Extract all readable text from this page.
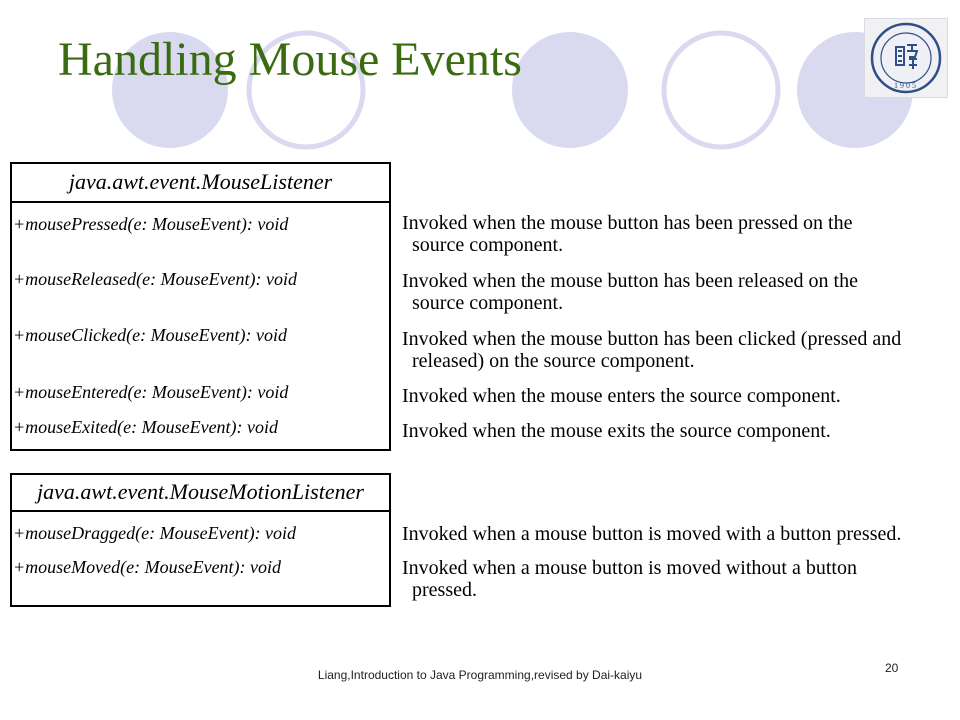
Handling Mouse Events	1905
java.awt.event.MouseListener
+mousePressed(e: MouseEvent): void
+mouseReleased(e: MouseEvent): void
+mouseClicked(e: MouseEvent): void
+mouseEntered(e: MouseEvent): void
+mouseExited(e: MouseEvent): void
Invoked when the mouse button has been pressed on the
source component.
Invoked when the mouse button has been released on the
source component.
Invoked when the mouse button has been clicked (pressed and
released) on the source component.
Invoked when the mouse enters the source component.
Invoked when the mouse exits the source component.
java.awt.event.MouseMotionListener
+mouseDragged(e: MouseEvent): void
+mouseMoved(e: MouseEvent): void
Invoked when a mouse button is moved with a button pressed.
Invoked when a mouse button is moved without a button
pressed.
Liang,Introduction to Java Programming,revised by Dai-kaiyu	20
